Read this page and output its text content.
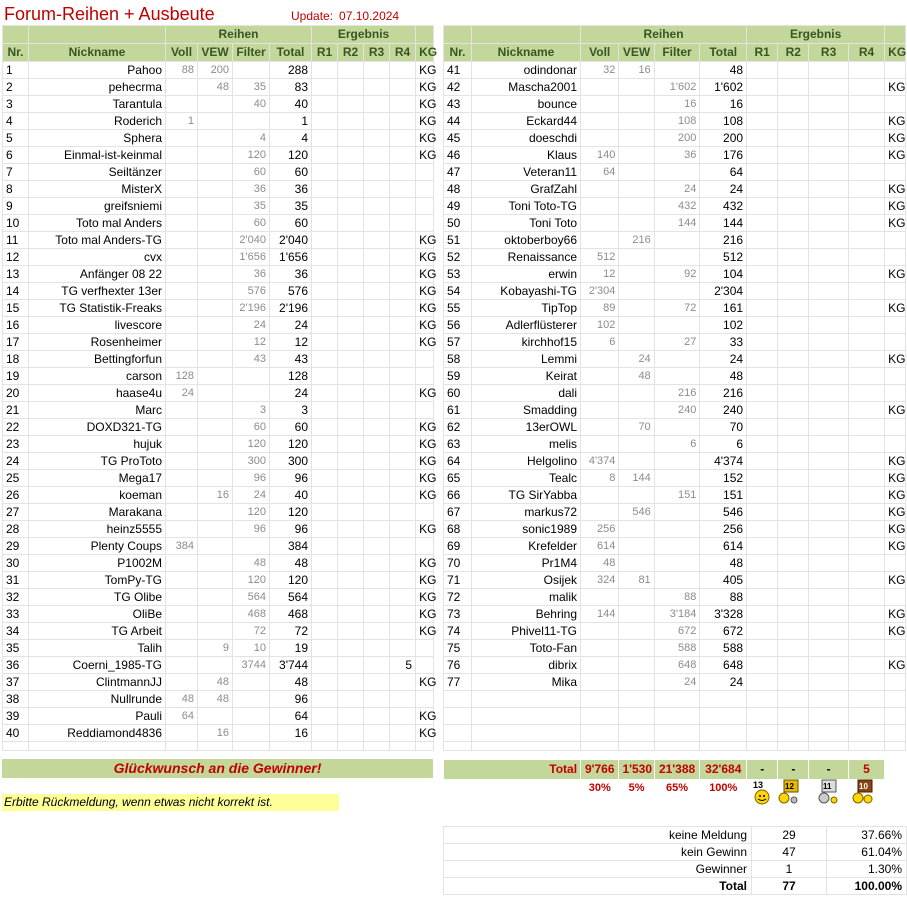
Forum-Reihen + Ausbeute	Update: 07.10.2024
		Reihen				Ergebnis				
Nr.	Nickname	Voll	VEW	Filter	Total	R1	R2	R3	R4	KG
1	Pahoo	88	200		288					KG
2	pehecrma		48	35	83					KG
3	Tarantula			40	40					KG
4	Roderich	1			1					KG
5	Sphera			4	4					KG
6	Einmal-ist-keinmal			120	120					KG
7	Seiltänzer			60	60					
8	MisterX			36	36					
9	greifsniemi			35	35					
10	Toto mal Anders			60	60					
11	Toto mal Anders-TG			2'040	2'040					KG
12	cvx			1'656	1'656					KG
13	Anfänger 08 22			36	36					KG
14	TG verfhexter 13er			576	576					KG
15	TG Statistik-Freaks			2'196	2'196					KG
16	livescore			24	24					KG
17	Rosenheimer			12	12					KG
18	Bettingforfun			43	43					
19	carson	128			128					
20	haase4u	24			24					KG
21	Marc			3	3					
22	DOXD321-TG			60	60					KG
23	hujuk			120	120					KG
24	TG ProToto			300	300					KG
25	Mega17			96	96					KG
26	koeman		16	24	40					KG
27	Marakana			120	120					
28	heinz5555			96	96					KG
29	Plenty Coups	384			384					
30	P1002M			48	48					KG
31	TomPy-TG			120	120					KG
32	TG Olibe			564	564					KG
33	OliBe			468	468					KG
34	TG Arbeit			72	72					KG
35	Talih		9	10	19					
36	Coerni_1985-TG			3744	3'744				5	
37	ClintmannJJ		48		48					KG
38	Nullrunde	48	48		96					
39	Pauli	64			64					KG
40	Reddiamond4836		16		16					KG

		Reihen				Ergebnis				
Nr.	Nickname	Voll	VEW	Filter	Total	R1	R2	R3	R4	KG
41	odindonar	32	16		48					
42	Mascha2001			1'602	1'602					KG
43	bounce			16	16					
44	Eckard44			108	108					KG
45	doeschdi			200	200					KG
46	Klaus	140		36	176					KG
47	Veteran11	64			64					
48	GrafZahl			24	24					KG
49	Toni Toto-TG			432	432					KG
50	Toni Toto			144	144					KG
51	oktoberboy66		216		216					
52	Renaissance	512			512					
53	erwin	12		92	104					KG
54	Kobayashi-TG	2'304			2'304					
55	TipTop	89		72	161					KG
56	Adlerflüsterer	102			102					
57	kirchhof15	6		27	33					
58	Lemmi		24		24					KG
59	Keirat		48		48					
60	dali			216	216					
61	Smadding			240	240					KG
62	13erOWL		70		70					
63	melis			6	6					
64	Helgolino	4'374			4'374					KG
65	Tealc	8	144		152					KG
66	TG SirYabba			151	151					KG
67	markus72		546		546					KG
68	sonic1989	256			256					KG
69	Krefelder	614			614					KG
70	Pr1M4	48			48					
71	Osijek	324	81		405					KG
72	malik			88	88					
73	Behring	144		3'184	3'328					KG
74	Phivel11-TG			672	672					KG
75	Toto-Fan			588	588					
76	dibrix			648	648					KG
77	Mika			24	24					

Glückwunsch an die Gewinner!
Erbitte Rückmeldung, wenn etwas nicht korrekt ist.
Total	9'766	1'530	21'388	32'684	-	-	-	5	
	30%	5%	65%	100%					13	12	11	10
keine Meldung	29	37.66%
kein Gewinn	47	61.04%
Gewinner	1	1.30%
Total	77	100.00%
